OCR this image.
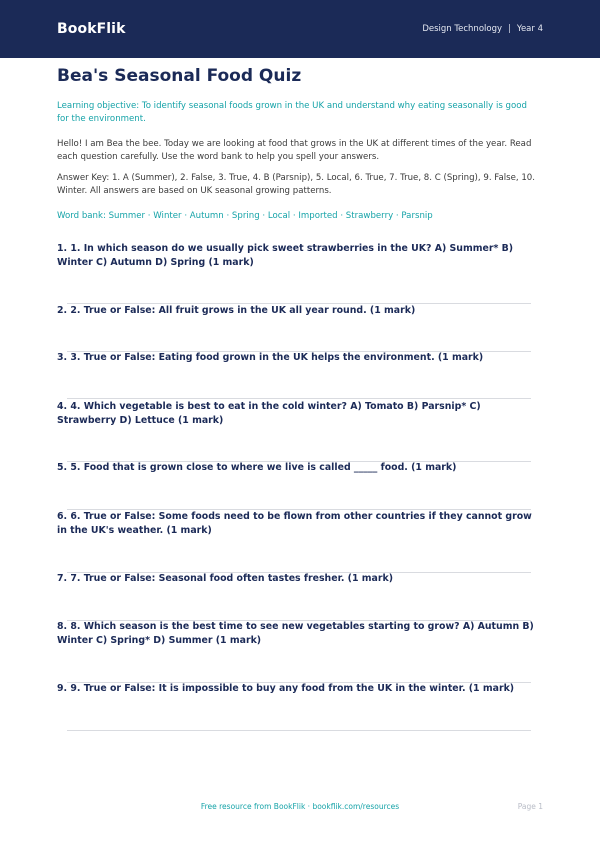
BookFlik	Design Technology | Year 4
Bea's Seasonal Food Quiz
Learning objective: To identify seasonal foods grown in the UK and understand why eating seasonally is good for the environment.
Hello! I am Bea the bee. Today we are looking at food that grows in the UK at different times of the year. Read each question carefully. Use the word bank to help you spell your answers.
Answer Key: 1. A (Summer), 2. False, 3. True, 4. B (Parsnip), 5. Local, 6. True, 7. True, 8. C (Spring), 9. False, 10. Winter. All answers are based on UK seasonal growing patterns.
Word bank: Summer · Winter · Autumn · Spring · Local · Imported · Strawberry · Parsnip
1. 1. In which season do we usually pick sweet strawberries in the UK? A) Summer* B) Winter C) Autumn D) Spring (1 mark)
2. 2. True or False: All fruit grows in the UK all year round. (1 mark)
3. 3. True or False: Eating food grown in the UK helps the environment. (1 mark)
4. 4. Which vegetable is best to eat in the cold winter? A) Tomato B) Parsnip* C) Strawberry D) Lettuce (1 mark)
5. 5. Food that is grown close to where we live is called _____ food. (1 mark)
6. 6. True or False: Some foods need to be flown from other countries if they cannot grow in the UK's weather. (1 mark)
7. 7. True or False: Seasonal food often tastes fresher. (1 mark)
8. 8. Which season is the best time to see new vegetables starting to grow? A) Autumn B) Winter C) Spring* D) Summer (1 mark)
9. 9. True or False: It is impossible to buy any food from the UK in the winter. (1 mark)
Free resource from BookFlik · bookflik.com/resources	Page 1
